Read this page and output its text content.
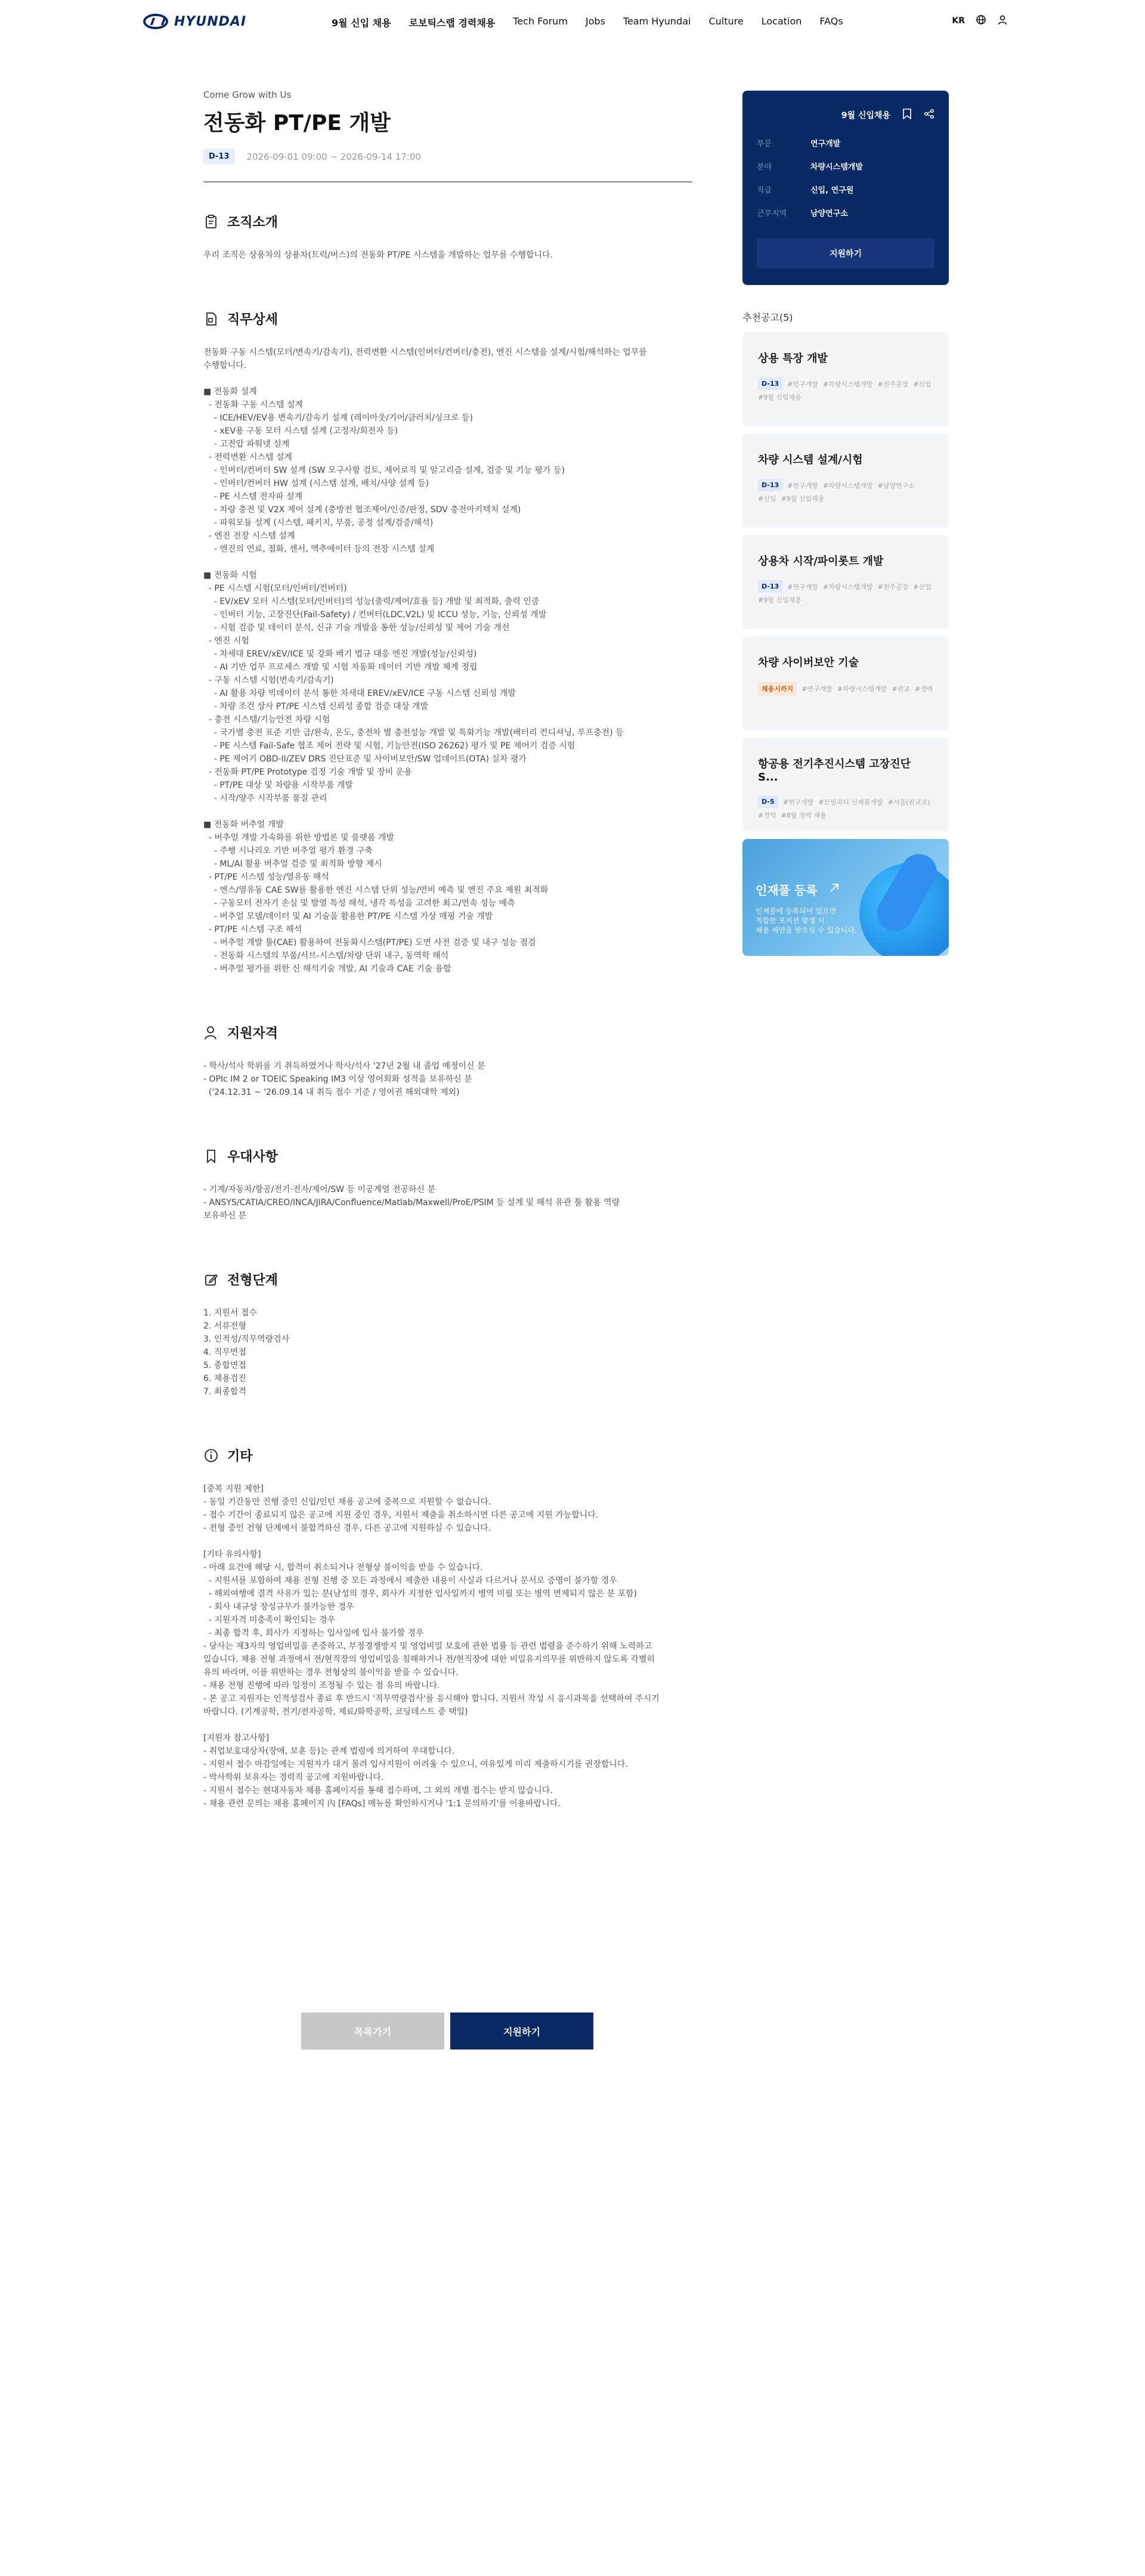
HYUNDAI	9월 신입 채용 로보틱스랩 경력채용 Tech Forum Jobs Team Hyundai Culture Location FAQs	KR
Come Grow with Us
전동화 PT/PE 개발
D-13	2026-09-01 09:00 ~ 2026-09-14 17:00
조직소개
우리 조직은 상용차의 상용차(트럭/버스)의 전동화 PT/PE 시스템을 개발하는 업무를 수행합니다.
직무상세
전동화 구동 시스템(모터/변속기/감속기), 전력변환 시스템(인버터/컨버터/충전), 엔진 시스템을 설계/시험/해석하는 업무를
수행합니다.

■ 전동화 설계
- 전동화 구동 시스템 설계
- ICE/HEV/EV용 변속기/감속기 설계 (레이아웃/기어/클러치/싱크로 등)
- xEV용 구동 모터 시스템 설계 (고정자/회전자 등)
- 고전압 파워넷 설계
- 전력변환 시스템 설계
- 인버터/컨버터 SW 설계 (SW 모구사항 검토, 제어로직 및 알고리즘 설계, 검증 및 기능 평가 등)
- 인버터/컨버터 HW 설계 (시스템 설계, 배치/사양 설계 등)
- PE 시스템 전자파 설계
- 차량 충전 및 V2X 제어 설계 (충방전 협조제어/인증/판정, SDV 충전아키텍처 설계)
- 파워모듈 설계 (시스템, 패키지, 부품, 공정 설계/검증/해석)
- 엔진 전장 시스템 설계
- 엔진의 연료, 점화, 센서, 액추에이터 등의 전장 시스템 설계

■ 전동화 시험
- PE 시스템 시험(모터/인버터/컨버터)
- EV/xEV 모터 시스템(모터/인버터)의 성능(출력/제어/효율 등) 개발 및 최적화, 출력 인증
- 인버터 기능, 고장진단(Fail-Safety) / 컨버터(LDC,V2L) 및 ICCU 성능, 기능, 신뢰성 개발
- 시험 검증 및 데이터 분석, 신규 기술 개발을 통한 성능/신뢰성 및 제어 기술 개선
- 엔진 시험
- 차세대 EREV/xEV/ICE 및 강화 배기 법규 대응 엔진 개발(성능/신뢰성)
- AI 기반 업무 프로세스 개발 및 시험 자동화 데이터 기반 개발 체계 정립
- 구동 시스템 시험(변속기/감속기)
- AI 활용 차량 빅데이터 분석 통한 차세대 EREV/xEV/ICE 구동 시스템 신뢰성 개발
- 차량 조건 상사 PT/PE 시스템 신뢰성 종합 검증 대상 개발
- 충전 시스템/기능안전 차량 시험
- 국가별 충전 표준 기반 급/완속, 온도, 충전차 별 충전성능 개발 및 특화기능 개발(배터리 컨디셔닝, 루프충전) 등
- PE 시스템 Fail-Safe 협조 제어 전략 및 시험, 기능안전(ISO 26262) 평가 및 PE 제어기 검증 시험
- PE 제어기 OBD-II/ZEV DRS 진단표준 및 사이버보안/SW 업데이트(OTA) 실차 평가
- 전동화 PT/PE Prototype 검정 기술 개발 및 장비 운용
- PT/PE 대상 및 차량용 시작부품 개발
- 시작/양주 시작부품 품질 관리

■ 전동화 버추얼 개발
- 버추얼 개발 가속화를 위한 방법론 및 플랫폼 개발
- 주행 시나리오 기반 버추얼 평가 환경 구축
- ML/AI 활용 버추얼 검증 및 최적화 방향 제시
- PT/PE 시스템 성능/열유동 해석
- 엔스/열유동 CAE SW를 활용한 엔진 시스템 단위 성능/연비 예측 및 엔진 주요 제원 최적화
- 구동모터 전자기 손실 및 발열 특성 해석, 냉각 특성을 고려한 최고/연속 성능 예측
- 버추얼 모델/데이터 및 AI 기술을 활용한 PT/PE 시스템 가상 매핑 기술 개발
- PT/PE 시스템 구조 해석
- 버추얼 개발 툴(CAE) 활용하여 전동화시스템(PT/PE) 도면 사전 검증 및 내구 성능 점검
- 전동화 시스템의 부품/서브-시스템/차량 단위 내구, 동역학 해석
- 버추얼 평가를 위한 신 해석기술 개발, AI 기술과 CAE 기술 융합
지원자격
- 학사/석사 학위를 기 취득하였거나 학사/석사 '27년 2월 내 졸업 예정이신 분
- OPIc IM 2 or TOEIC Speaking IM3 이상 영어회화 성적을 보유하신 분
('24.12.31 ~ '26.09.14 내 취득 점수 기준 / 영어권 해외대학 제외)
우대사항
- 기계/자동차/항공/전기·전자/제어/SW 등 이공계열 전공하신 분
- ANSYS/CATIA/CREO/INCA/JIRA/Confluence/Matlab/Maxwell/ProE/PSIM 등 설계 및 해석 유관 툴 활용 역량
보유하신 분
전형단계
1. 지원서 접수
2. 서류전형
3. 인적성/직무역량검사
4. 직무면접
5. 종합면접
6. 채용검진
7. 최종합격
기타
[중복 지원 제한]
- 동일 기간동안 진행 중인 신입/인턴 채용 공고에 중복으로 지원할 수 없습니다.
- 접수 기간이 종료되지 않은 공고에 지원 중인 경우, 지원서 제출을 취소하시면 다른 공고에 지원 가능합니다.
- 전형 중인 전형 단계에서 불합격하신 경우, 다른 공고에 지원하실 수 있습니다.

[기타 유의사항]
- 아래 요건에 해당 시, 합격이 취소되거나 전형상 불이익을 받을 수 있습니다.
- 지원서를 포함하여 채용 전형 진행 중 모든 과정에서 제출한 내용이 사실과 다르거나 문서로 증명이 불가할 경우
- 해외여행에 결격 사유가 있는 분(남성의 경우, 회사가 지정한 입사일까지 병역 미필 또는 병역 면제되지 않은 분 포함)
- 회사 내규상 장성규무가 불가능한 경우
- 지원자격 미충족이 확인되는 경우
- 최종 합격 후, 회사가 지정하는 입사일에 입사 불가할 경우
- 당사는 제3자의 영업비밀을 존중하고, 부정경쟁방지 및 영업비밀 보호에 관한 법률 등 관련 법령을 준수하기 위해 노력하고
있습니다. 채용 전형 과정에서 전/현직장의 영업비밀을 침해하거나 전/현직장에 대한 비밀유지의무를 위반하지 않도록 각별히
유의 바라며, 이를 위반하는 경우 전형상의 불이익을 받을 수 있습니다.
- 채용 전형 진행에 따라 일정이 조정될 수 있는 점 유의 바랍니다.
- 본 공고 지원자는 인적성검사 종료 후 반드시 '직무역량검사'를 응시해야 합니다. 지원서 작성 시 응시과목을 선택하여 주시기
바랍니다. (기계공학, 전기/전자공학, 제료/화학공학, 코딩테스트 중 택일)

[지원자 참고사항]
- 취업보호대상자(장애, 보훈 등)는 관계 법령에 의거하여 우대합니다.
- 지원서 접수 마감일에는 지원자가 대거 몰려 입사지원이 어려울 수 있으니, 여유있게 미리 제출하시기를 권장합니다.
- 박사학위 보유자는 경력직 공고에 지원바랍니다.
- 지원서 접수는 현대자동차 채용 홈페이지를 통해 접수하며, 그 외의 개별 접수는 받지 않습니다.
- 채용 관련 문의는 채용 홈페이지 內 [FAQs] 메뉴를 확인하시거나 '1:1 문의하기'를 이용바랍니다.
목록가기	지원하기
9월 신입채용
부문	연구개발
분야	차량시스템개발
직급	신입, 연구원
근무지역	남양연구소
지원하기
추천공고(5)
상용 특장 개발
D-13	#연구개발 #차량시스템개발 #전주공장 #신입
#9월 신입채용
차량 시스템 설계/시험
D-13	#연구개발 #차량시스템개발 #남양연구소
#신입 #9월 신입채용
상용차 시작/파이롯트 개발
D-13	#연구개발 #차량시스템개발 #전주공장 #신입
#9월 신입채용
차량 사이버보안 기술
채용시까지	#연구개발 #차량시스템개발 #판교 #경력
항공용 전기추진시스템 고장진단 S...
D-5	#연구개발 #모빌리티 신제품개발 #서울(판교로)
#경력 #8월 경력 채용
인재풀 등록
인재풀에 등록되어 있으면
적합한 포지션 발생 시
채용 제안을 받으실 수 있습니다.
